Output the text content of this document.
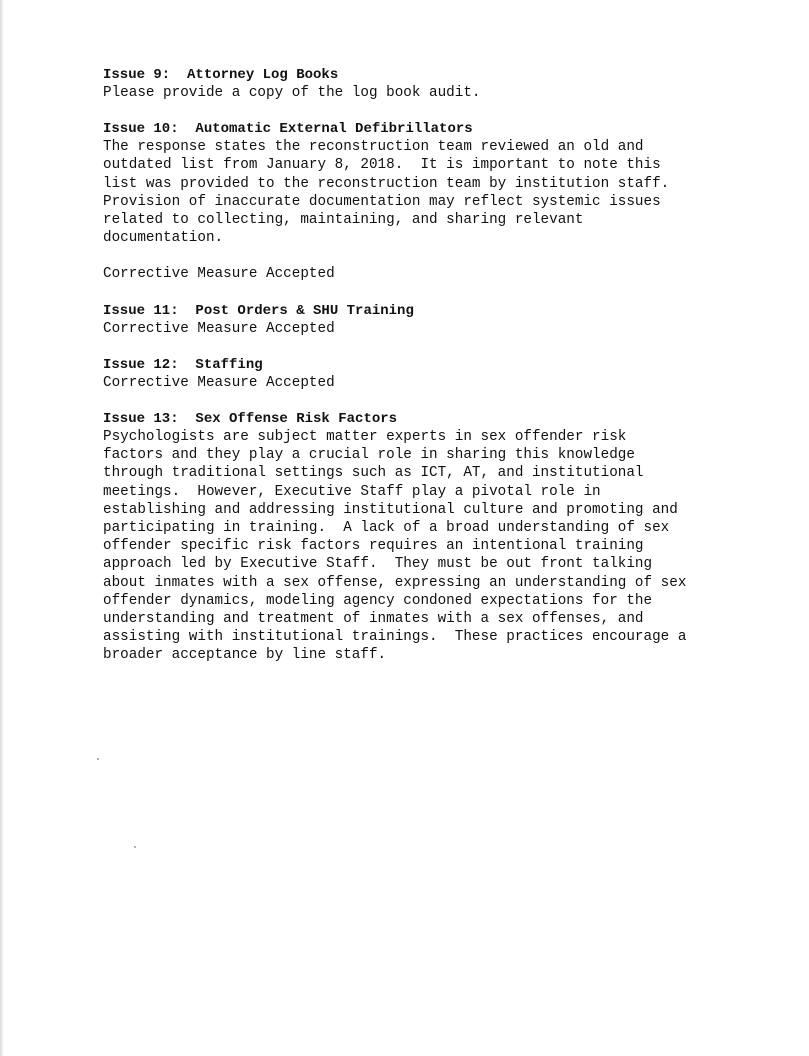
Issue 9:  Attorney Log Books
Please provide a copy of the log book audit.
Issue 10:  Automatic External Defibrillators
The response states the reconstruction team reviewed an old and
outdated list from January 8, 2018.  It is important to note this
list was provided to the reconstruction team by institution staff.
Provision of inaccurate documentation may reflect systemic issues
related to collecting, maintaining, and sharing relevant
documentation.
Corrective Measure Accepted
Issue 11:  Post Orders & SHU Training
Corrective Measure Accepted
Issue 12:  Staffing
Corrective Measure Accepted
Issue 13:  Sex Offense Risk Factors
Psychologists are subject matter experts in sex offender risk
factors and they play a crucial role in sharing this knowledge
through traditional settings such as ICT, AT, and institutional
meetings.  However, Executive Staff play a pivotal role in
establishing and addressing institutional culture and promoting and
participating in training.  A lack of a broad understanding of sex
offender specific risk factors requires an intentional training
approach led by Executive Staff.  They must be out front talking
about inmates with a sex offense, expressing an understanding of sex
offender dynamics, modeling agency condoned expectations for the
understanding and treatment of inmates with a sex offenses, and
assisting with institutional trainings.  These practices encourage a
broader acceptance by line staff.
